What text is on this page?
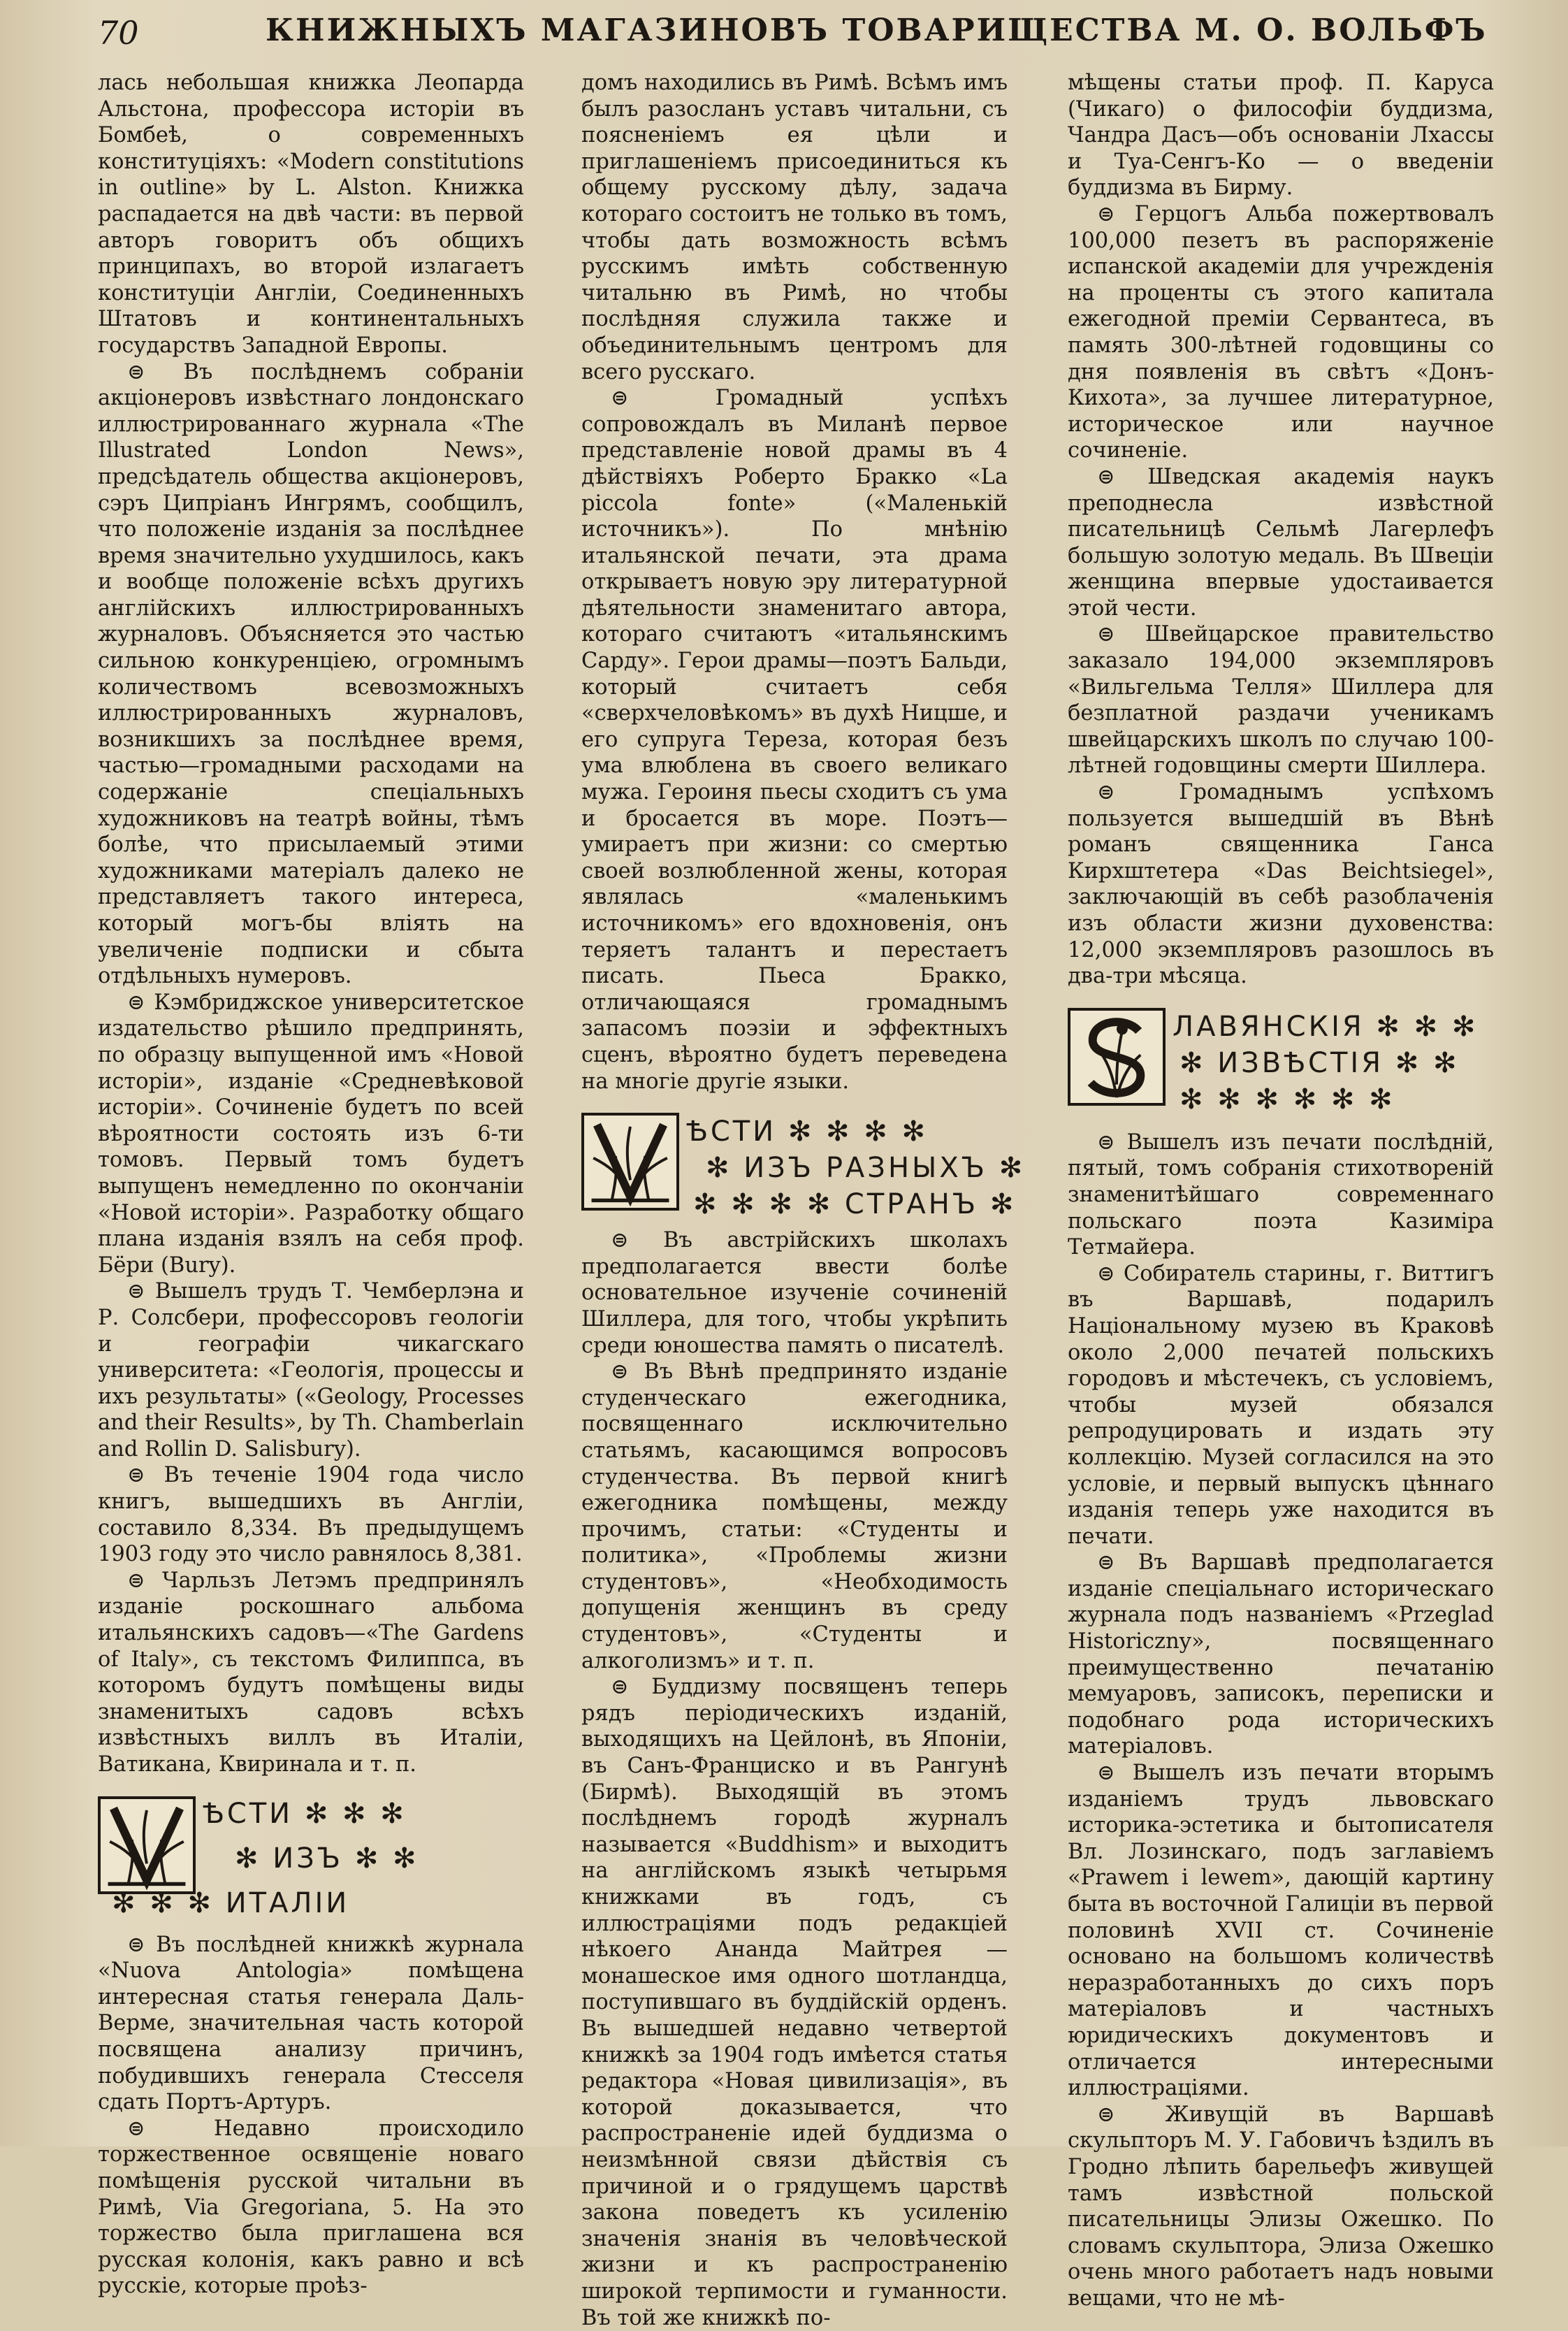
70	КНИЖНЫХЪ МАГАЗИНОВЪ ТОВАРИЩЕСТВА М. О. ВОЛЬФЪ

лась небольшая книжка Леопарда Альстона, профессора исторіи въ Бомбеѣ, о современныхъ конституціяхъ: «Modern constitutions in outline» by L. Alston. Книжка распадается на двѣ части: въ первой авторъ говоритъ объ общихъ принципахъ, во второй излагаетъ конституціи Англіи, Соединенныхъ Штатовъ и континентальныхъ государствъ Западной Европы.

⊜ Въ послѣднемъ собраніи акціонеровъ извѣстнаго лондонскаго иллюстрированнаго журнала «The Illustrated London News», предсѣдатель общества акціонеровъ, сэръ Ципріанъ Ингрямъ, сообщилъ, что положеніе изданія за послѣднее время значительно ухудшилось, какъ и вообще положеніе всѣхъ другихъ англійскихъ иллюстрированныхъ журналовъ. Объясняется это частью сильною конкуренціею, огромнымъ количествомъ всевозможныхъ иллюстрированныхъ журналовъ, возникшихъ за послѣднее время, частью—громадными расходами на содержаніе спеціальныхъ художниковъ на театрѣ войны, тѣмъ болѣе, что присылаемый этими художниками матеріалъ далеко не представляетъ такого интереса, который могъ-бы вліять на увеличеніе подписки и сбыта отдѣльныхъ нумеровъ.

⊜ Кэмбриджское университетское издательство рѣшило предпринять, по образцу выпущенной имъ «Новой исторіи», изданіе «Средневѣковой исторіи». Сочиненіе будетъ по всей вѣроятности состоять изъ 6-ти томовъ. Первый томъ будетъ выпущенъ немедленно по окончаніи «Новой исторіи». Разработку общаго плана изданія взялъ на себя проф. Бёри (Bury).

⊜ Вышелъ трудъ Т. Чемберлэна и Р. Солсбери, профессоровъ геологіи и географіи чикагскаго университета: «Геологія, процессы и ихъ результаты» («Geology, Processes and their Results», by Th. Chamberlain and Rollin D. Salisbury).

⊜ Въ теченіе 1904 года число книгъ, вышедшихъ въ Англіи, составило 8,334. Въ предыдущемъ 1903 году это число равнялось 8,381.

⊜ Чарльзъ Летэмъ предпринялъ изданіе роскошнаго альбома итальянскихъ садовъ—«The Gardens of Italy», съ текстомъ Филиппса, въ которомъ будутъ помѣщены виды знаменитыхъ садовъ всѣхъ извѣстныхъ виллъ въ Италіи, Ватикана, Квиринала и т. п.

ѢСТИ ✻ ✻ ✻
✻ ИЗЪ ✻ ✻
✻ ✻ ✻ ИТАЛІИ

⊜ Въ послѣдней книжкѣ журнала «Nuova Antologia» помѣщена интересная статья генерала Даль-Верме, значительная часть которой посвящена анализу причинъ, побудившихъ генерала Стесселя сдать Портъ-Артуръ.

⊜ Недавно происходило торжественное освященіе новаго помѣщенія русской читальни въ Римѣ, Via Gregoriana, 5. На это торжество была приглашена вся русская колонія, какъ равно и всѣ русскіе, которые проѣз-

домъ находились въ Римѣ. Всѣмъ имъ былъ разосланъ уставъ читальни, съ поясненіемъ ея цѣли и приглашеніемъ присоединиться къ общему русскому дѣлу, задача котораго состоитъ не только въ томъ, чтобы дать возможность всѣмъ русскимъ имѣть собственную читальню въ Римѣ, но чтобы послѣдняя служила также и объединительнымъ центромъ для всего русскаго.

⊜ Громадный успѣхъ сопровождалъ въ Миланѣ первое представленіе новой драмы въ 4 дѣйствіяхъ Роберто Бракко «La piccola fonte» («Маленькій источникъ»). По мнѣнію итальянской печати, эта драма открываетъ новую эру литературной дѣятельности знаменитаго автора, котораго считаютъ «итальянскимъ Сарду». Герои драмы—поэтъ Бальди, который считаетъ себя «сверхчеловѣкомъ» въ духѣ Ницше, и его супруга Тереза, которая безъ ума влюблена въ своего великаго мужа. Героиня пьесы сходитъ съ ума и бросается въ море. Поэтъ—умираетъ при жизни: со смертью своей возлюбленной жены, которая являлась «маленькимъ источникомъ» его вдохновенія, онъ теряетъ талантъ и перестаетъ писать. Пьеса Бракко, отличающаяся громаднымъ запасомъ поэзіи и эффектныхъ сценъ, вѣроятно будетъ переведена на многіе другіе языки.

ѢСТИ ✻ ✻ ✻ ✻
✻ ИЗЪ РАЗНЫХЪ ✻
✻ ✻ ✻ ✻ СТРАНЪ ✻

⊜ Въ австрійскихъ школахъ предполагается ввести болѣе основательное изученіе сочиненій Шиллера, для того, чтобы укрѣпить среди юношества память о писателѣ.

⊜ Въ Вѣнѣ предпринято изданіе студенческаго ежегодника, посвященнаго исключительно статьямъ, касающимся вопросовъ студенчества. Въ первой книгѣ ежегодника помѣщены, между прочимъ, статьи: «Студенты и политика», «Проблемы жизни студентовъ», «Необходимость допущенія женщинъ въ среду студентовъ», «Студенты и алкоголизмъ» и т. п.

⊜ Буддизму посвященъ теперь рядъ періодическихъ изданій, выходящихъ на Цейлонѣ, въ Японіи, въ Санъ-Франциско и въ Рангунѣ (Бирмѣ). Выходящій въ этомъ послѣднемъ городѣ журналъ называется «Buddhism» и выходитъ на англійскомъ языкѣ четырьмя книжками въ годъ, съ иллюстраціями подъ редакціей нѣкоего Ананда Майтрея — монашеское имя одного шотландца, поступившаго въ буддійскій орденъ. Въ вышедшей недавно четвертой книжкѣ за 1904 годъ имѣется статья редактора «Новая цивилизація», въ которой доказывается, что распространеніе идей буддизма о неизмѣнной связи дѣйствія съ причиной и о грядущемъ царствѣ закона поведетъ къ усиленію значенія знанія въ человѣческой жизни и къ распространенію широкой терпимости и гуманности. Въ той же книжкѣ по-

мѣщены статьи проф. П. Каруса (Чикаго) о философіи буддизма, Чандра Дасъ—объ основаніи Лхассы и Туа-Сенгъ-Ко — о введеніи буддизма въ Бирму.

⊜ Герцогъ Альба пожертвовалъ 100,000 пезетъ въ распоряженіе испанской академіи для учрежденія на проценты съ этого капитала ежегодной преміи Сервантеса, въ память 300-лѣтней годовщины со дня появленія въ свѣтъ «Донъ-Кихота», за лучшее литературное, историческое или научное сочиненіе.

⊜ Шведская академія наукъ преподнесла извѣстной писательницѣ Сельмѣ Лагерлефъ большую золотую медаль. Въ Швеціи женщина впервые удостаивается этой чести.

⊜ Швейцарское правительство заказало 194,000 экземпляровъ «Вильгельма Телля» Шиллера для безплатной раздачи ученикамъ швейцарскихъ школъ по случаю 100-лѣтней годовщины смерти Шиллера.

⊜ Громаднымъ успѣхомъ пользуется вышедшій въ Вѣнѣ романъ священника Ганса Кирхштетера «Das Beichtsiegel», заключающій въ себѣ разоблаченія изъ области жизни духовенства: 12,000 экземпляровъ разошлось въ два-три мѣсяца.

ЛАВЯНСКІЯ ✻ ✻ ✻
✻ ИЗВѢСТІЯ ✻ ✻
✻ ✻ ✻ ✻ ✻ ✻

⊜ Вышелъ изъ печати послѣдній, пятый, томъ собранія стихотвореній знаменитѣйшаго современнаго польскаго поэта Казиміра Тетмайера.

⊜ Собиратель старины, г. Виттигъ въ Варшавѣ, подарилъ Національному музею въ Краковѣ около 2,000 печатей польскихъ городовъ и мѣстечекъ, съ условіемъ, чтобы музей обязался репродуцировать и издать эту коллекцію. Музей согласился на это условіе, и первый выпускъ цѣннаго изданія теперь уже находится въ печати.

⊜ Въ Варшавѣ предполагается изданіе спеціальнаго историческаго журнала подъ названіемъ «Przeglad Historiczny», посвященнаго преимущественно печатанію мемуаровъ, записокъ, переписки и подобнаго рода историческихъ матеріаловъ.

⊜ Вышелъ изъ печати вторымъ изданіемъ трудъ львовскаго историка-эстетика и бытописателя Вл. Лозинскаго, подъ заглавіемъ «Prawem i lewem», дающій картину быта въ восточной Галиціи въ первой половинѣ XVII ст. Сочиненіе основано на большомъ количествѣ неразработанныхъ до сихъ поръ матеріаловъ и частныхъ юридическихъ документовъ и отличается интересными иллюстраціями.

⊜ Живущій въ Варшавѣ скульпторъ М. У. Габовичъ ѣздилъ въ Гродно лѣпить барельефъ живущей тамъ извѣстной польской писательницы Элизы Ожешко. По словамъ скульптора, Элиза Ожешко очень много работаетъ надъ новыми вещами, что не мѣ-
